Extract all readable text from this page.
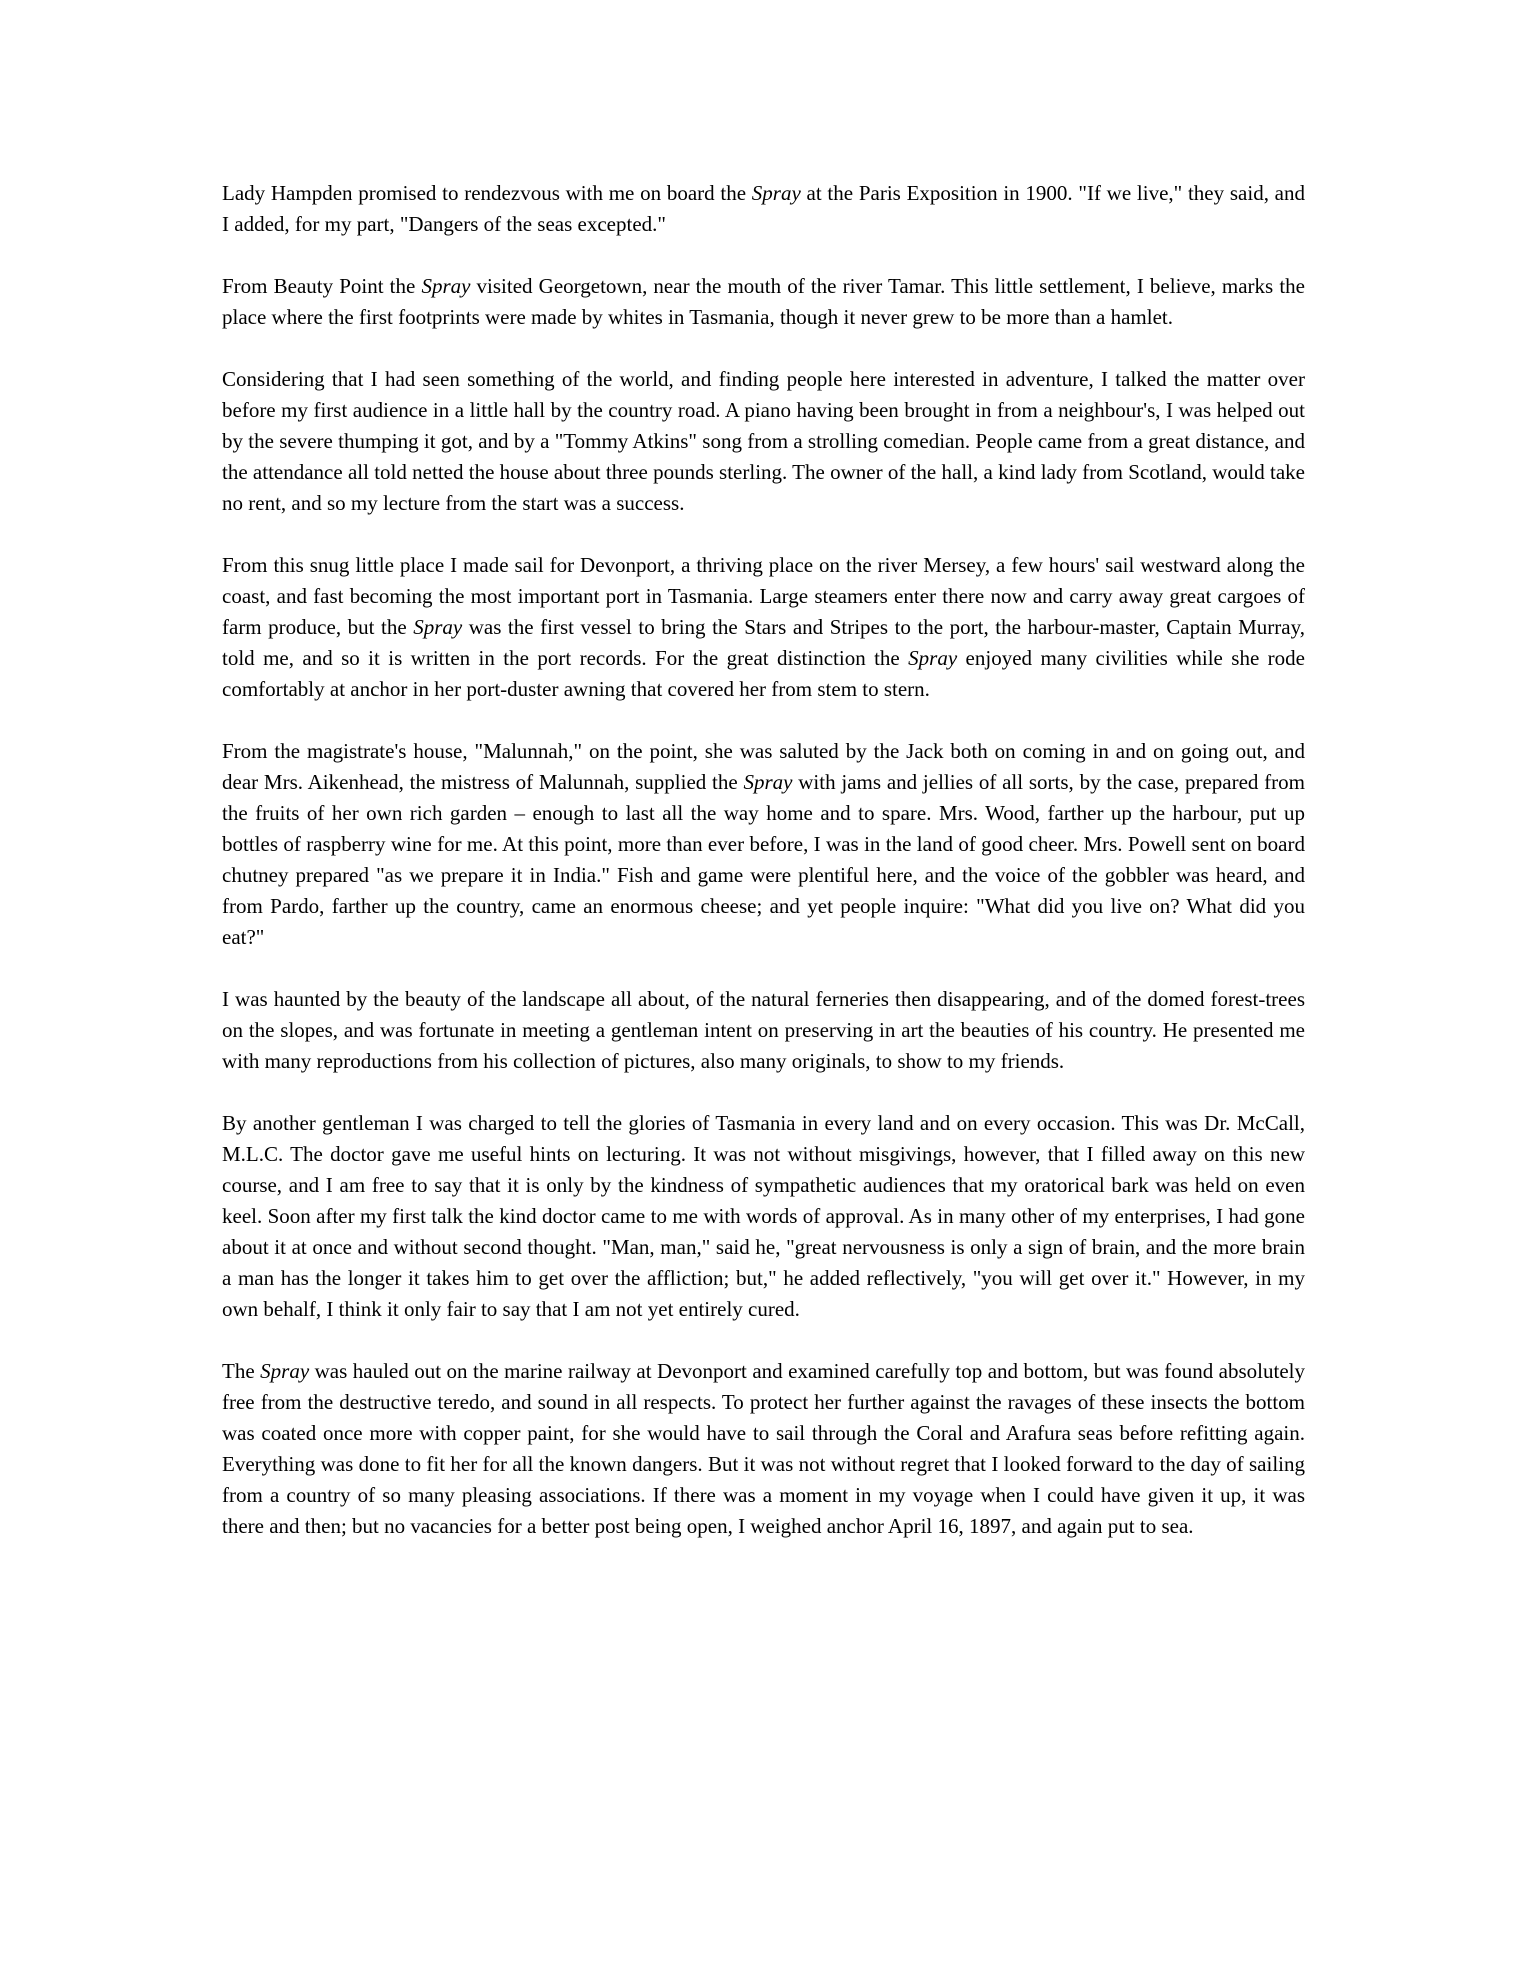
Lady Hampden promised to rendezvous with me on board the Spray at the Paris Exposition in 1900. "If we live," they said, and I added, for my part, "Dangers of the seas excepted."

From Beauty Point the Spray visited Georgetown, near the mouth of the river Tamar. This little settlement, I believe, marks the place where the first footprints were made by whites in Tasmania, though it never grew to be more than a hamlet.

Considering that I had seen something of the world, and finding people here interested in adventure, I talked the matter over before my first audience in a little hall by the country road. A piano having been brought in from a neighbour's, I was helped out by the severe thumping it got, and by a "Tommy Atkins" song from a strolling comedian. People came from a great distance, and the attendance all told netted the house about three pounds sterling. The owner of the hall, a kind lady from Scotland, would take no rent, and so my lecture from the start was a success.

From this snug little place I made sail for Devonport, a thriving place on the river Mersey, a few hours' sail westward along the coast, and fast becoming the most important port in Tasmania. Large steamers enter there now and carry away great cargoes of farm produce, but the Spray was the first vessel to bring the Stars and Stripes to the port, the harbour-master, Captain Murray, told me, and so it is written in the port records. For the great distinction the Spray enjoyed many civilities while she rode comfortably at anchor in her port-duster awning that covered her from stem to stern.

From the magistrate's house, "Malunnah," on the point, she was saluted by the Jack both on coming in and on going out, and dear Mrs. Aikenhead, the mistress of Malunnah, supplied the Spray with jams and jellies of all sorts, by the case, prepared from the fruits of her own rich garden – enough to last all the way home and to spare. Mrs. Wood, farther up the harbour, put up bottles of raspberry wine for me. At this point, more than ever before, I was in the land of good cheer. Mrs. Powell sent on board chutney prepared "as we prepare it in India." Fish and game were plentiful here, and the voice of the gobbler was heard, and from Pardo, farther up the country, came an enormous cheese; and yet people inquire: "What did you live on? What did you eat?"

I was haunted by the beauty of the landscape all about, of the natural ferneries then disappearing, and of the domed forest-trees on the slopes, and was fortunate in meeting a gentleman intent on preserving in art the beauties of his country. He presented me with many reproductions from his collection of pictures, also many originals, to show to my friends.

By another gentleman I was charged to tell the glories of Tasmania in every land and on every occasion. This was Dr. McCall, M.L.C. The doctor gave me useful hints on lecturing. It was not without misgivings, however, that I filled away on this new course, and I am free to say that it is only by the kindness of sympathetic audiences that my oratorical bark was held on even keel. Soon after my first talk the kind doctor came to me with words of approval. As in many other of my enterprises, I had gone about it at once and without second thought. "Man, man," said he, "great nervousness is only a sign of brain, and the more brain a man has the longer it takes him to get over the affliction; but," he added reflectively, "you will get over it." However, in my own behalf, I think it only fair to say that I am not yet entirely cured.

The Spray was hauled out on the marine railway at Devonport and examined carefully top and bottom, but was found absolutely free from the destructive teredo, and sound in all respects. To protect her further against the ravages of these insects the bottom was coated once more with copper paint, for she would have to sail through the Coral and Arafura seas before refitting again. Everything was done to fit her for all the known dangers. But it was not without regret that I looked forward to the day of sailing from a country of so many pleasing associations. If there was a moment in my voyage when I could have given it up, it was there and then; but no vacancies for a better post being open, I weighed anchor April 16, 1897, and again put to sea.
